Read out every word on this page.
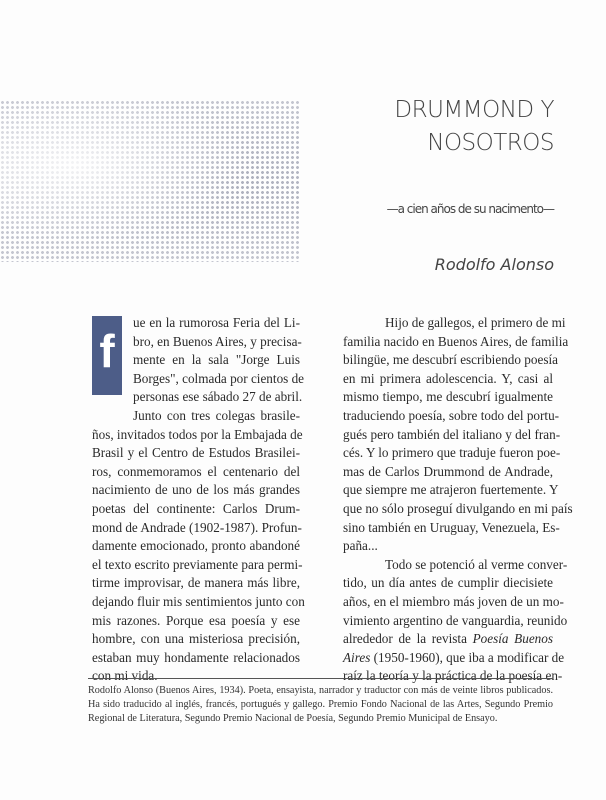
DRUMMOND Y
NOSOTROS
—a cien años de su nacimento—
Rodolfo Alonso
f
ue en la rumorosa Feria del Li-
bro, en Buenos Aires, y precisa-
mente en la sala "Jorge Luis
Borges", colmada por cientos de
personas ese sábado 27 de abril.
Junto con tres colegas brasile-
ños, invitados todos por la Embajada de
Brasil y el Centro de Estudos Brasilei-
ros, conmemoramos el centenario del
nacimiento de uno de los más grandes
poetas del continente: Carlos Drum-
mond de Andrade (1902-1987). Profun-
damente emocionado, pronto abandoné
el texto escrito previamente para permi-
tirme improvisar, de manera más libre,
dejando fluir mis sentimientos junto con
mis razones. Porque esa poesía y ese
hombre, con una misteriosa precisión,
estaban muy hondamente relacionados
con mi vida.
Hijo de gallegos, el primero de mi
familia nacido en Buenos Aires, de familia
bilingüe, me descubrí escribiendo poesía
en mi primera adolescencia. Y, casi al
mismo tiempo, me descubrí igualmente
traduciendo poesía, sobre todo del portu-
gués pero también del italiano y del fran-
cés. Y lo primero que traduje fueron poe-
mas de Carlos Drummond de Andrade,
que siempre me atrajeron fuertemente. Y
que no sólo proseguí divulgando en mi país
sino también en Uruguay, Venezuela, Es-
paña...
Todo se potenció al verme conver-
tido, un día antes de cumplir diecisiete
años, en el miembro más joven de un mo-
vimiento argentino de vanguardia, reunido
alrededor de la revista Poesía Buenos
Aires (1950-1960), que iba a modificar de
raíz la teoría y la práctica de la poesía en-
Rodolfo Alonso (Buenos Aires, 1934). Poeta, ensayista, narrador y traductor con más de veinte libros publicados. Ha sido traducido al inglés, francés, portugués y gallego. Premio Fondo Nacional de las Artes, Segundo Premio Regional de Literatura, Segundo Premio Nacional de Poesía, Segundo Premio Municipal de Ensayo.
